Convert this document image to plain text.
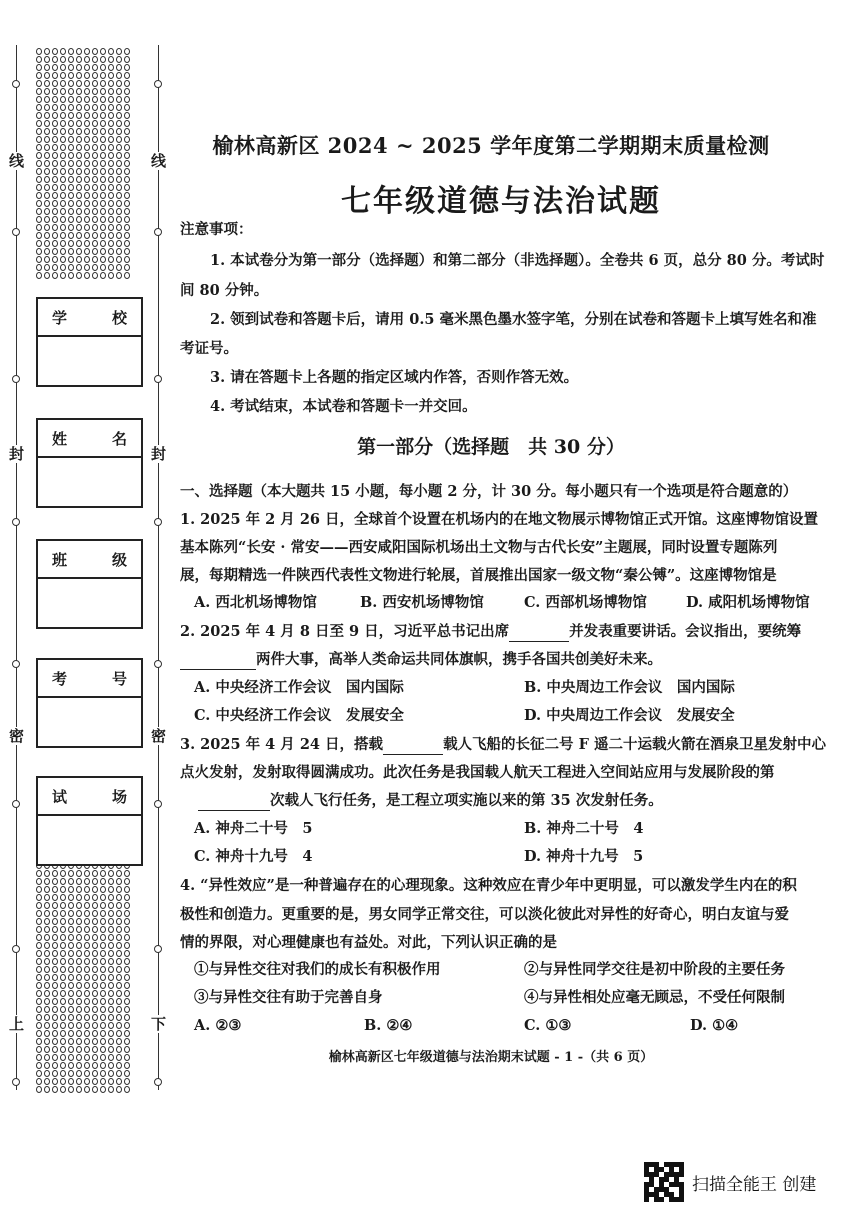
线
封
密
上
线
封
密
下
学	校
姓	名
班	级
考	号
试	场
榆林高新区 2024 ~ 2025 学年度第二学期期末质量检测
七年级道德与法治试题
注意事项：
1. 本试卷分为第一部分（选择题）和第二部分（非选择题）。全卷共 6 页，总分 80 分。考试时
间 80 分钟。
2. 领到试卷和答题卡后，请用 0.5 毫米黑色墨水签字笔，分别在试卷和答题卡上填写姓名和准
考证号。
3. 请在答题卡上各题的指定区域内作答，否则作答无效。
4. 考试结束，本试卷和答题卡一并交回。
第一部分（选择题　共 30 分）
一、选择题（本大题共 15 小题，每小题 2 分，计 30 分。每小题只有一个选项是符合题意的）
1. 2025 年 2 月 26 日，全球首个设置在机场内的在地文物展示博物馆正式开馆。这座博物馆设置
基本陈列“长安 · 常安——西安咸阳国际机场出土文物与古代长安”主题展，同时设置专题陈列
展，每期精选一件陕西代表性文物进行轮展，首展推出国家一级文物“秦公镈”。这座博物馆是
A. 西北机场博物馆	B. 西安机场博物馆	C. 西部机场博物馆	D. 咸阳机场博物馆
2. 2025 年 4 月 8 日至 9 日，习近平总书记出席	并发表重要讲话。会议指出，要统筹
两件大事，高举人类命运共同体旗帜，携手各国共创美好未来。
A. 中央经济工作会议　国内国际	B. 中央周边工作会议　国内国际
C. 中央经济工作会议　发展安全	D. 中央周边工作会议　发展安全
3. 2025 年 4 月 24 日，搭载	载人飞船的长征二号 F 遥二十运载火箭在酒泉卫星发射中心
点火发射，发射取得圆满成功。此次任务是我国载人航天工程进入空间站应用与发展阶段的第
次载人飞行任务，是工程立项实施以来的第 35 次发射任务。
A. 神舟二十号　5	B. 神舟二十号　4
C. 神舟十九号　4	D. 神舟十九号　5
4. “异性效应”是一种普遍存在的心理现象。这种效应在青少年中更明显，可以激发学生内在的积
极性和创造力。更重要的是，男女同学正常交往，可以淡化彼此对异性的好奇心，明白友谊与爱
情的界限，对心理健康也有益处。对此，下列认识正确的是
①与异性交往对我们的成长有积极作用	②与异性同学交往是初中阶段的主要任务
③与异性交往有助于完善自身	④与异性相处应毫无顾忌，不受任何限制
A. ②③	B. ②④	C. ①③	D. ①④
榆林高新区七年级道德与法治期末试题 - 1 -（共 6 页）
扫描全能王 创建
